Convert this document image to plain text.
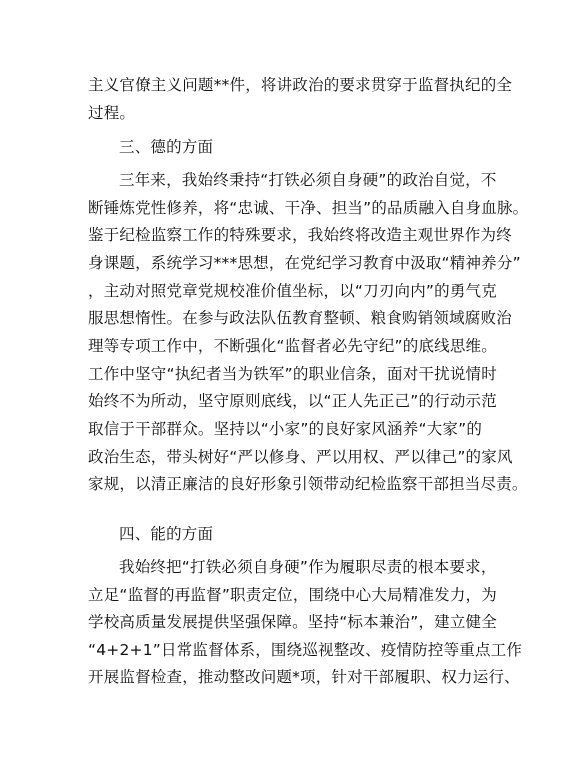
主义官僚主义问题**件，将讲政治的要求贯穿于监督执纪的全
过程。
三、德的方面
三年来，我始终秉持“打铁必须自身硬”的政治自觉，不
断锤炼党性修养，将“忠诚、干净、担当”的品质融入自身血脉。
鉴于纪检监察工作的特殊要求，我始终将改造主观世界作为终
身课题，系统学习***思想，在党纪学习教育中汲取“精神养分”
，主动对照党章党规校准价值坐标，以“刀刃向内”的勇气克
服思想惰性。在参与政法队伍教育整顿、粮食购销领域腐败治
理等专项工作中，不断强化“监督者必先守纪”的底线思维。
工作中坚守“执纪者当为铁军”的职业信条，面对干扰说情时
始终不为所动，坚守原则底线，以“正人先正己”的行动示范
取信于干部群众。坚持以“小家”的良好家风涵养“大家”的
政治生态，带头树好“严以修身、严以用权、严以律己”的家风
家规，以清正廉洁的良好形象引领带动纪检监察干部担当尽责。
四、能的方面
我始终把“打铁必须自身硬”作为履职尽责的根本要求，
立足“监督的再监督”职责定位，围绕中心大局精准发力，为
学校高质量发展提供坚强保障。坚持“标本兼治”，建立健全
“4+2+1”日常监督体系，围绕巡视整改、疫情防控等重点工作
开展监督检查，推动整改问题*项，针对干部履职、权力运行、
